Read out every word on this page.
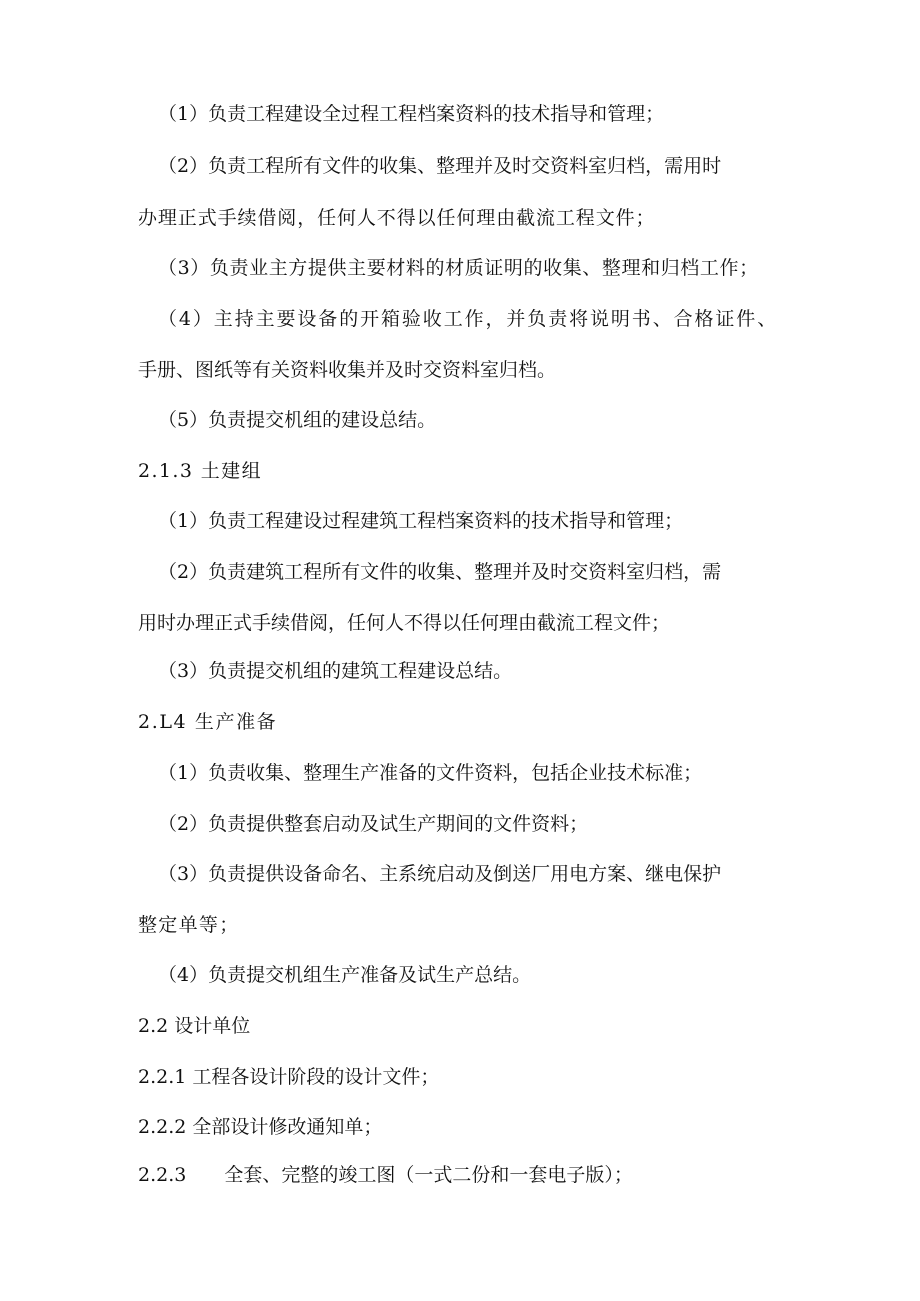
（1）负责工程建设全过程工程档案资料的技术指导和管理；
（2）负责工程所有文件的收集、整理并及时交资料室归档，需用时
办理正式手续借阅，任何人不得以任何理由截流工程文件；
（3）负责业主方提供主要材料的材质证明的收集、整理和归档工作；
（4）主持主要设备的开箱验收工作，并负责将说明书、合格证件、
手册、图纸等有关资料收集并及时交资料室归档。
（5）负责提交机组的建设总结。
2.1.3 土建组
（1）负责工程建设过程建筑工程档案资料的技术指导和管理；
（2）负责建筑工程所有文件的收集、整理并及时交资料室归档，需
用时办理正式手续借阅，任何人不得以任何理由截流工程文件；
（3）负责提交机组的建筑工程建设总结。
2.L4 生产准备
（1）负责收集、整理生产准备的文件资料，包括企业技术标准；
（2）负责提供整套启动及试生产期间的文件资料；
（3）负责提供设备命名、主系统启动及倒送厂用电方案、继电保护
整定单等；
（4）负责提交机组生产准备及试生产总结。
2.2 设计单位
2.2.1 工程各设计阶段的设计文件；
2.2.2 全部设计修改通知单；
2.2.3　　全套、完整的竣工图（一式二份和一套电子版）；
